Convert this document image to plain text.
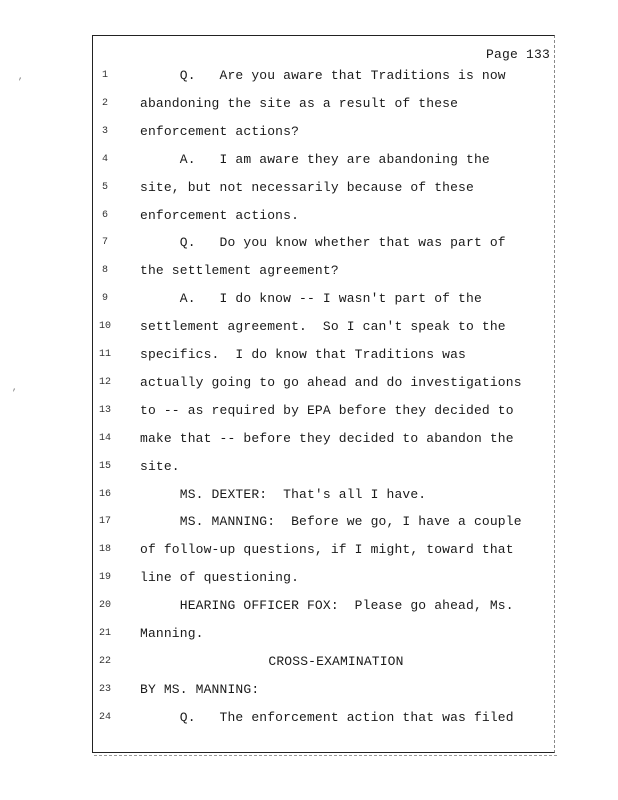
,
,
Page 133
1	Q.   Are you aware that Traditions is now
2	abandoning the site as a result of these
3	enforcement actions?
4	A.   I am aware they are abandoning the
5	site, but not necessarily because of these
6	enforcement actions.
7	Q.   Do you know whether that was part of
8	the settlement agreement?
9	A.   I do know -- I wasn't part of the
10	settlement agreement.  So I can't speak to the
11	specifics.  I do know that Traditions was
12	actually going to go ahead and do investigations
13	to -- as required by EPA before they decided to
14	make that -- before they decided to abandon the
15	site.
16	MS. DEXTER:  That's all I have.
17	MS. MANNING:  Before we go, I have a couple
18	of follow-up questions, if I might, toward that
19	line of questioning.
20	HEARING OFFICER FOX:  Please go ahead, Ms.
21	Manning.
22	CROSS-EXAMINATION
23	BY MS. MANNING:
24	Q.   The enforcement action that was filed
